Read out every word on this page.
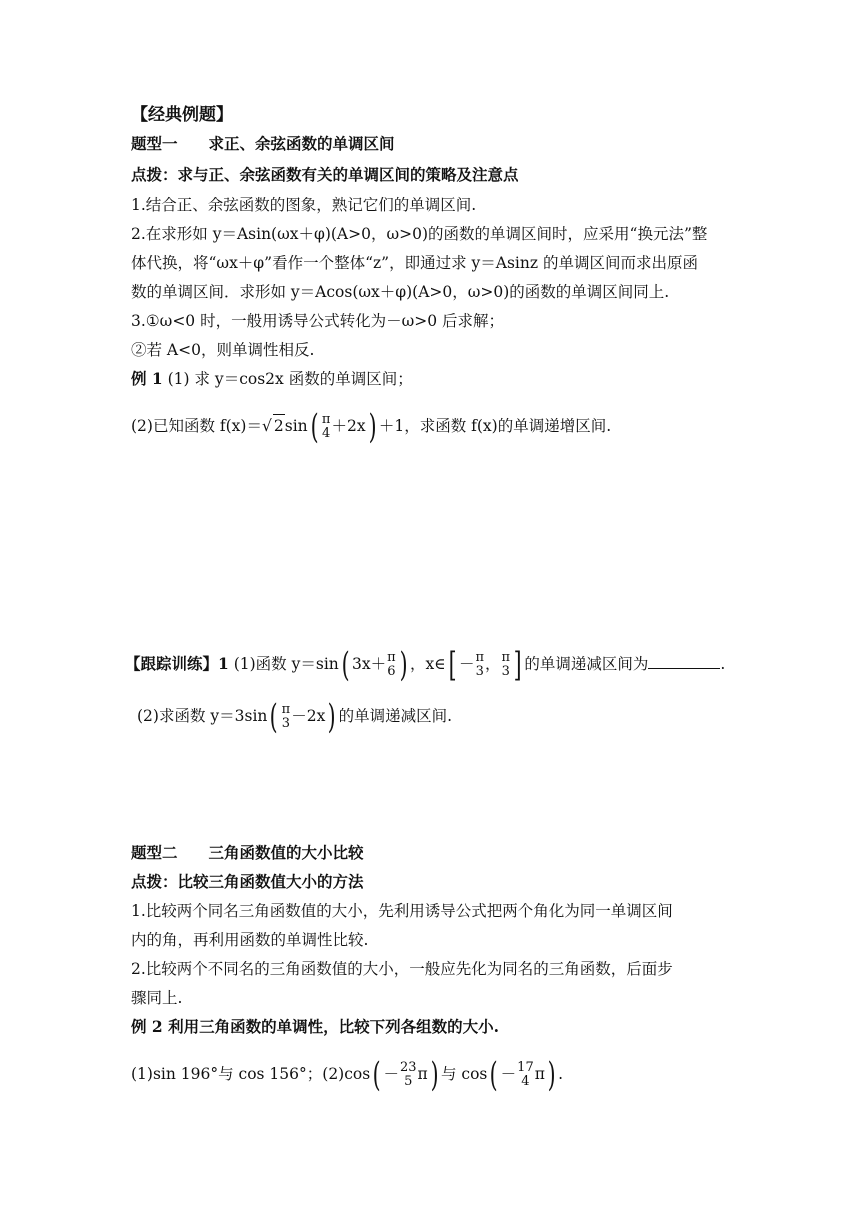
【经典例题】
题型一　　求正、余弦函数的单调区间
点拨：求与正、余弦函数有关的单调区间的策略及注意点
1.结合正、余弦函数的图象，熟记它们的单调区间.
2.在求形如 y＝Asin(ωx＋φ)(A>0，ω>0)的函数的单调区间时，应采用“换元法”整
体代换，将“ωx＋φ”看作一个整体“z”，即通过求 y＝Asinz 的单调区间而求出原函
数的单调区间．求形如 y＝Acos(ωx＋φ)(A>0，ω>0)的函数的单调区间同上.
3.①ω<0 时，一般用诱导公式转化为－ω>0 后求解；
②若 A<0，则单调性相反.
例 1 (1) 求 y＝cos2x 函数的单调区间；
(2)已知函数 f(x)＝√ 2sin( π
4 ＋2x) ＋1，求函数 f(x)的单调递增区间.
【跟踪训练】1 (1)函数 y＝sin( 3x＋ π
6 ) ，x∈[ － π
3 ， π
3 ] 的单调递减区间为	.
(2)求函数 y＝3sin( π
3 －2x) 的单调递减区间.
题型二　　三角函数值的大小比较
点拨：比较三角函数值大小的方法
1.比较两个同名三角函数值的大小，先利用诱导公式把两个角化为同一单调区间
内的角，再利用函数的单调性比较.
2.比较两个不同名的三角函数值的大小，一般应先化为同名的三角函数，后面步
骤同上.
例 2 利用三角函数的单调性，比较下列各组数的大小.
(1)sin 196°与 cos 156°；(2)cos( － 23
5 π) 与 cos( － 17
4 π) .
